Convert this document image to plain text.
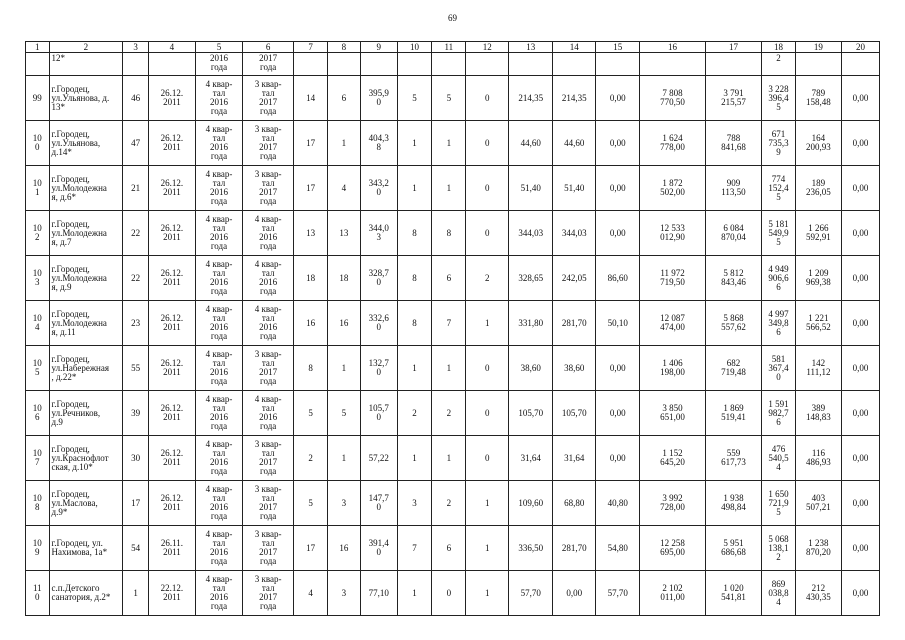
69
1	2	3	4	5	6	7	8	9	10	11	12	13	14	15	16	17	18	19	20
	12*			2016
года	2017
года												2		
99	г.Городец,
ул.Ульянова, д.
13*	46	26.12.
2011	4 квар-
тал
2016
года	3 квар-
тал
2017
года	14	6	395,9
0	5	5	0	214,35	214,35	0,00	7 808
770,50	3 791
215,57	3 228
396,4
5	789
158,48	0,00
10
0	г.Городец,
ул.Ульянова,
д.14*	47	26.12.
2011	4 квар-
тал
2016
года	3 квар-
тал
2017
года	17	1	404,3
8	1	1	0	44,60	44,60	0,00	1 624
778,00	788
841,68	671
735,3
9	164
200,93	0,00
10
1	г.Городец,
ул.Молодежна
я, д.6*	21	26.12.
2011	4 квар-
тал
2016
года	3 квар-
тал
2017
года	17	4	343,2
0	1	1	0	51,40	51,40	0,00	1 872
502,00	909
113,50	774
152,4
5	189
236,05	0,00
10
2	г.Городец,
ул.Молодежна
я, д.7	22	26.12.
2011	4 квар-
тал
2016
года	4 квар-
тал
2016
года	13	13	344,0
3	8	8	0	344,03	344,03	0,00	12 533
012,90	6 084
870,04	5 181
549,9
5	1 266
592,91	0,00
10
3	г.Городец,
ул.Молодежна
я, д.9	22	26.12.
2011	4 квар-
тал
2016
года	4 квар-
тал
2016
года	18	18	328,7
0	8	6	2	328,65	242,05	86,60	11 972
719,50	5 812
843,46	4 949
906,6
6	1 209
969,38	0,00
10
4	г.Городец,
ул.Молодежна
я, д.11	23	26.12.
2011	4 квар-
тал
2016
года	4 квар-
тал
2016
года	16	16	332,6
0	8	7	1	331,80	281,70	50,10	12 087
474,00	5 868
557,62	4 997
349,8
6	1 221
566,52	0,00
10
5	г.Городец,
ул.Набережная
, д.22*	55	26.12.
2011	4 квар-
тал
2016
года	3 квар-
тал
2017
года	8	1	132,7
0	1	1	0	38,60	38,60	0,00	1 406
198,00	682
719,48	581
367,4
0	142
111,12	0,00
10
6	г.Городец,
ул.Речников,
д.9	39	26.12.
2011	4 квар-
тал
2016
года	4 квар-
тал
2016
года	5	5	105,7
0	2	2	0	105,70	105,70	0,00	3 850
651,00	1 869
519,41	1 591
982,7
6	389
148,83	0,00
10
7	г.Городец,
ул.Краснофлот
ская, д.10*	30	26.12.
2011	4 квар-
тал
2016
года	3 квар-
тал
2017
года	2	1	57,22	1	1	0	31,64	31,64	0,00	1 152
645,20	559
617,73	476
540,5
4	116
486,93	0,00
10
8	г.Городец,
ул.Маслова,
д.9*	17	26.12.
2011	4 квар-
тал
2016
года	3 квар-
тал
2017
года	5	3	147,7
0	3	2	1	109,60	68,80	40,80	3 992
728,00	1 938
498,84	1 650
721,9
5	403
507,21	0,00
10
9	г.Городец, ул.
Нахимова, 1а*	54	26.11.
2011	4 квар-
тал
2016
года	3 квар-
тал
2017
года	17	16	391,4
0	7	6	1	336,50	281,70	54,80	12 258
695,00	5 951
686,68	5 068
138,1
2	1 238
870,20	0,00
11
0	с.п.Детского
санатория, д.2*	1	22.12.
2011	4 квар-
тал
2016
года	3 квар-
тал
2017
года	4	3	77,10	1	0	1	57,70	0,00	57,70	2 102
011,00	1 020
541,81	869
038,8
4	212
430,35	0,00
